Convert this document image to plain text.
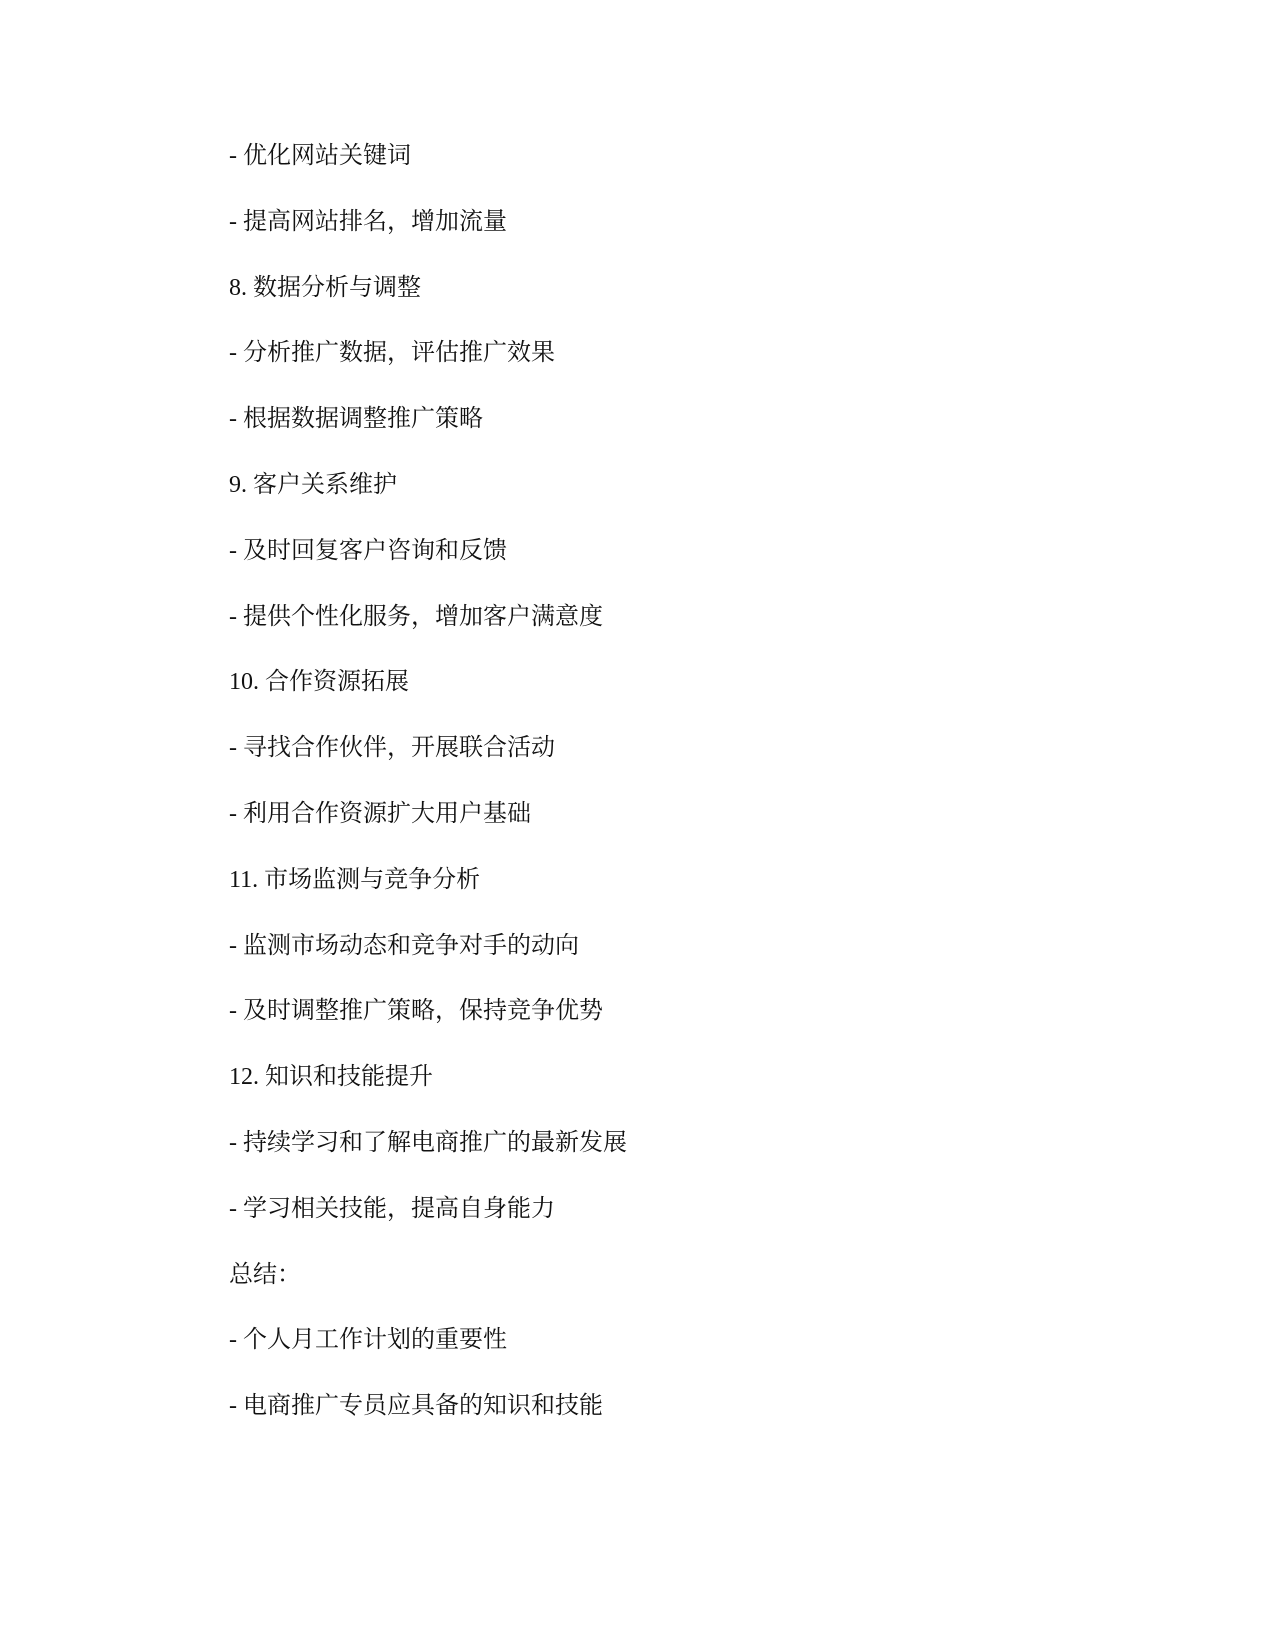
- 优化网站关键词
- 提高网站排名，增加流量
8. 数据分析与调整
- 分析推广数据，评估推广效果
- 根据数据调整推广策略
9. 客户关系维护
- 及时回复客户咨询和反馈
- 提供个性化服务，增加客户满意度
10. 合作资源拓展
- 寻找合作伙伴，开展联合活动
- 利用合作资源扩大用户基础
11. 市场监测与竞争分析
- 监测市场动态和竞争对手的动向
- 及时调整推广策略，保持竞争优势
12. 知识和技能提升
- 持续学习和了解电商推广的最新发展
- 学习相关技能，提高自身能力
总结：
- 个人月工作计划的重要性
- 电商推广专员应具备的知识和技能
